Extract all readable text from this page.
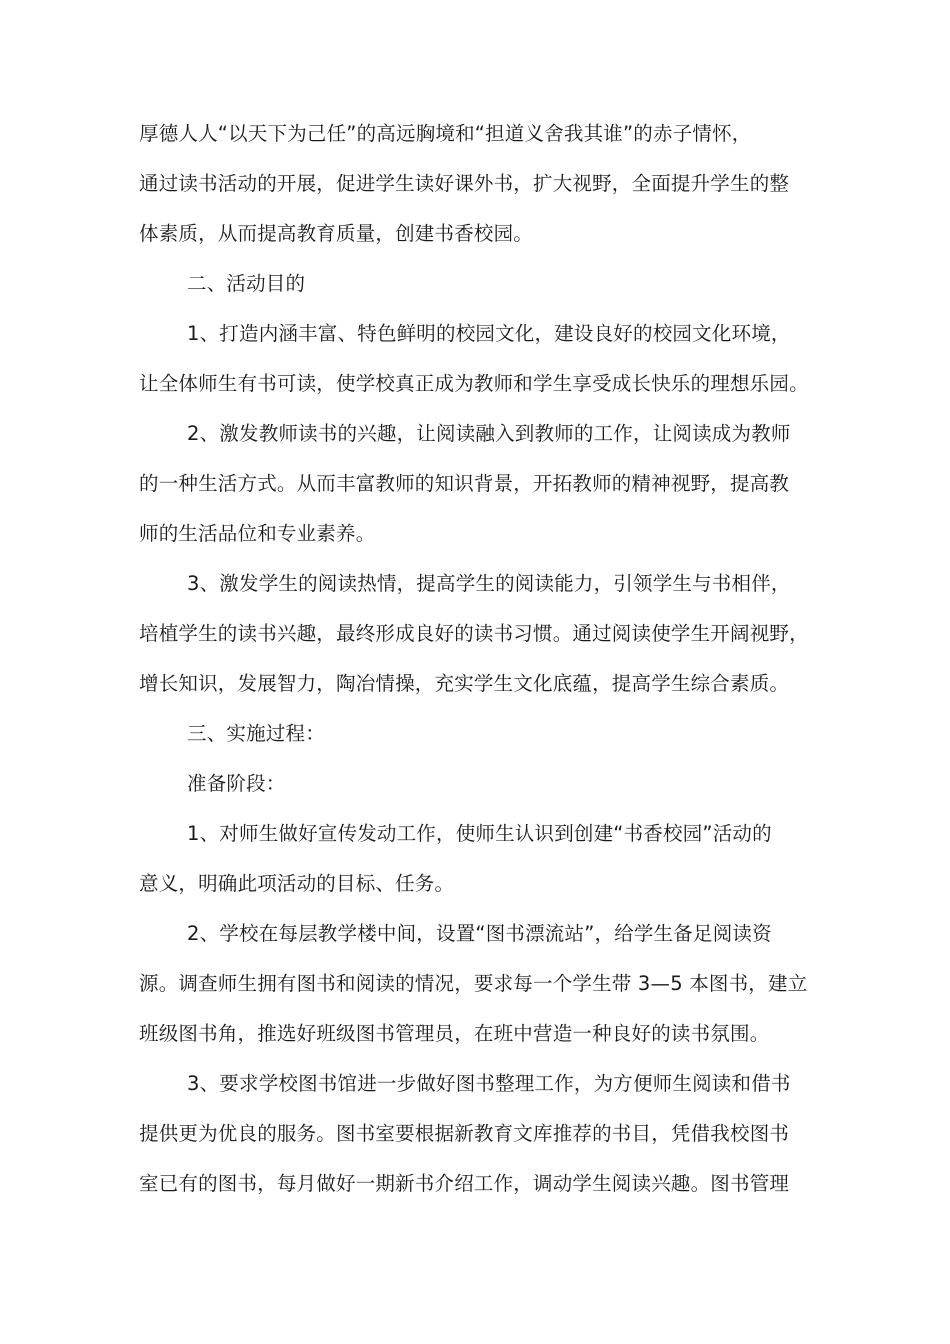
厚德人人“以天下为己任”的高远胸境和“担道义舍我其谁”的赤子情怀，
通过读书活动的开展，促进学生读好课外书，扩大视野，全面提升学生的整
体素质，从而提高教育质量，创建书香校园。
二、活动目的
1、打造内涵丰富、特色鲜明的校园文化，建设良好的校园文化环境，
让全体师生有书可读，使学校真正成为教师和学生享受成长快乐的理想乐园。
2、激发教师读书的兴趣，让阅读融入到教师的工作，让阅读成为教师
的一种生活方式。从而丰富教师的知识背景，开拓教师的精神视野，提高教
师的生活品位和专业素养。
3、激发学生的阅读热情，提高学生的阅读能力，引领学生与书相伴，
培植学生的读书兴趣，最终形成良好的读书习惯。通过阅读使学生开阔视野，
增长知识，发展智力，陶冶情操，充实学生文化底蕴，提高学生综合素质。
三、实施过程：
准备阶段：
1、对师生做好宣传发动工作，使师生认识到创建“书香校园”活动的
意义，明确此项活动的目标、任务。
2、学校在每层教学楼中间，设置“图书漂流站”，给学生备足阅读资
源。调查师生拥有图书和阅读的情况，要求每一个学生带 3—5 本图书，建立
班级图书角，推选好班级图书管理员，在班中营造一种良好的读书氛围。
3、要求学校图书馆进一步做好图书整理工作，为方便师生阅读和借书
提供更为优良的服务。图书室要根据新教育文库推荐的书目，凭借我校图书
室已有的图书，每月做好一期新书介绍工作，调动学生阅读兴趣。图书管理
